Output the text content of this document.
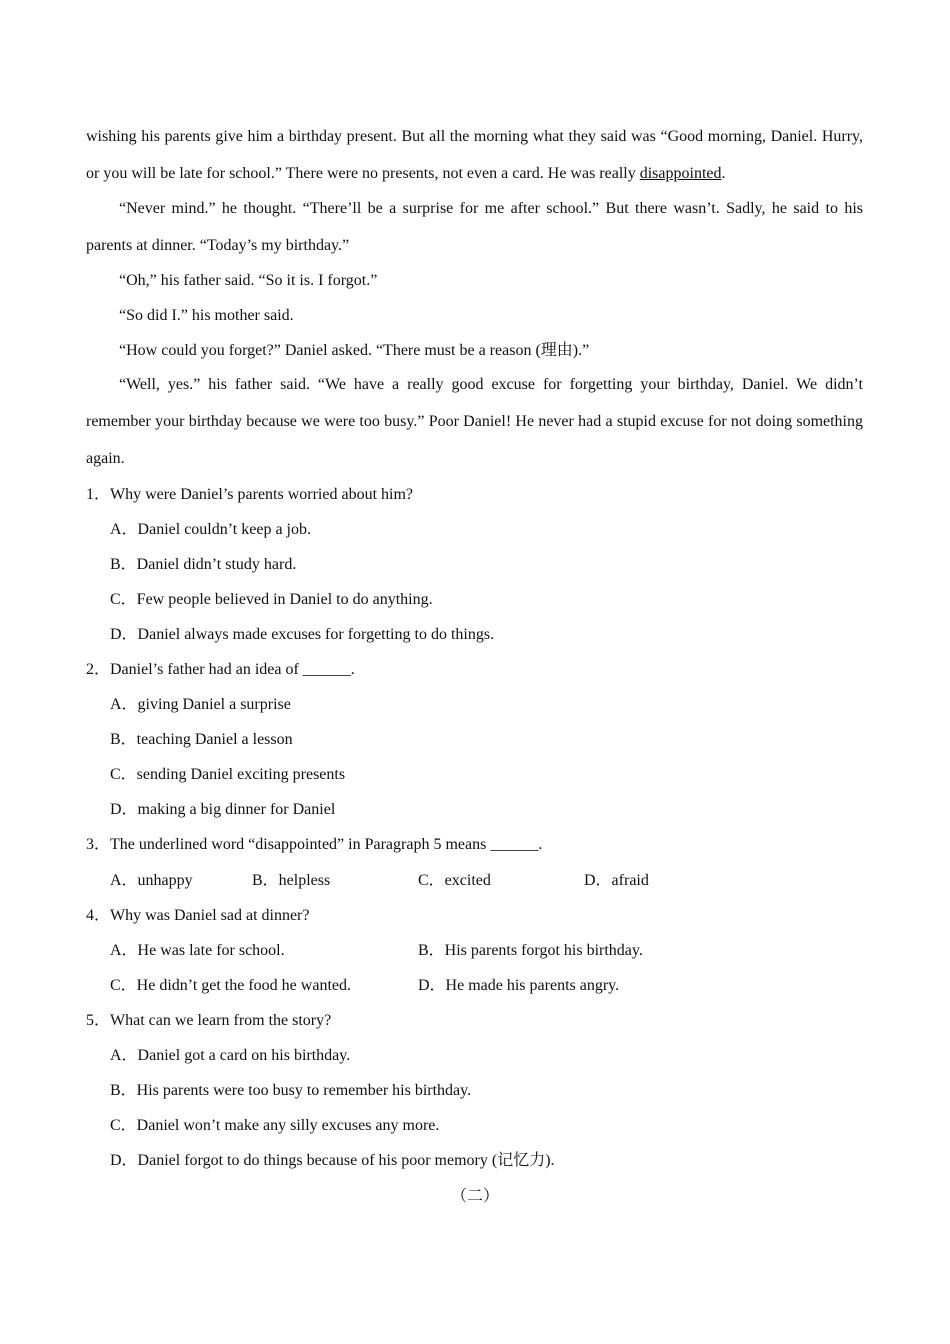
wishing his parents give him a birthday present. But all the morning what they said was “Good morning, Daniel. Hurry, or you will be late for school.” There were no presents, not even a card. He was really disappointed.

“Never mind.” he thought. “There’ll be a surprise for me after school.” But there wasn’t. Sadly, he said to his parents at dinner. “Today’s my birthday.”

“Oh,” his father said. “So it is. I forgot.”
“So did I.” his mother said.
“How could you forget?” Daniel asked. “There must be a reason (理由).”

“Well, yes.” his father said. “We have a really good excuse for forgetting your birthday, Daniel. We didn’t remember your birthday because we were too busy.” Poor Daniel! He never had a stupid excuse for not doing something again.

1．Why were Daniel’s parents worried about him?
A．Daniel couldn’t keep a job.
B．Daniel didn’t study hard.
C．Few people believed in Daniel to do anything.
D．Daniel always made excuses for forgetting to do things.
2．Daniel’s father had an idea of ______.
A．giving Daniel a surprise
B．teaching Daniel a lesson
C．sending Daniel exciting presents
D．making a big dinner for Daniel
3．The underlined word “disappointed” in Paragraph 5 means ______.
A．unhappy	B．helpless	C．excited	D．afraid
4．Why was Daniel sad at dinner?
A．He was late for school.	B．His parents forgot his birthday.
C．He didn’t get the food he wanted.	D．He made his parents angry.
5．What can we learn from the story?
A．Daniel got a card on his birthday.
B．His parents were too busy to remember his birthday.
C．Daniel won’t make any silly excuses any more.
D．Daniel forgot to do things because of his poor memory (记忆力).
（二）
